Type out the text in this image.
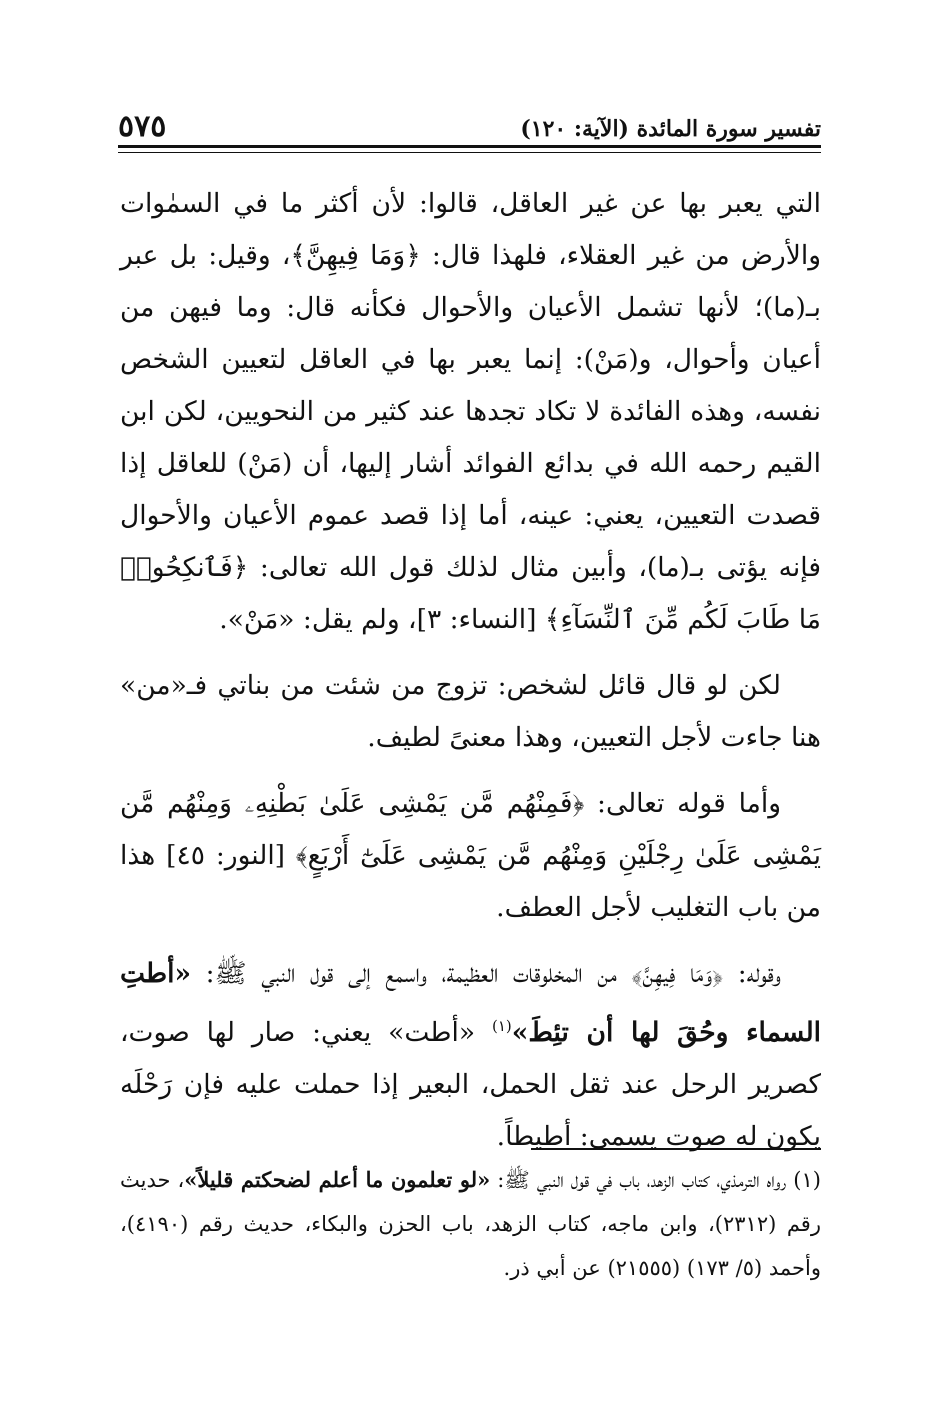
تفسير سورة المائدة (الآية: ١٢٠)
٥٧٥

التي يعبر بها عن غير العاقل، قالوا: لأن أكثر ما في السمٰوات والأرض من غير العقلاء، فلهذا قال: ﴿وَمَا فِيهِنَّ﴾، وقيل: بل عبر بـ(ما)؛ لأنها تشمل الأعيان والأحوال فكأنه قال: وما فيهن من أعيان وأحوال، و(مَنْ): إنما يعبر بها في العاقل لتعيين الشخص نفسه، وهذه الفائدة لا تكاد تجدها عند كثير من النحويين، لكن ابن القيم رحمه الله في بدائع الفوائد أشار إليها، أن (مَنْ) للعاقل إذا قصدت التعيين، يعني: عينه، أما إذا قصد عموم الأعيان والأحوال فإنه يؤتى بـ(ما)، وأبين مثال لذلك قول الله تعالى: ﴿فَٱنكِحُوا۟ مَا طَابَ لَكُم مِّنَ ٱلنِّسَآءِ﴾ [النساء: ٣]، ولم يقل: «مَنْ».

لكن لو قال قائل لشخص: تزوج من شئت من بناتي فـ«من» هنا جاءت لأجل التعيين، وهذا معنىً لطيف.

وأما قوله تعالى: ﴿فَمِنْهُم مَّن يَمْشِى عَلَىٰ بَطْنِهِۦ وَمِنْهُم مَّن يَمْشِى عَلَىٰ رِجْلَيْنِ وَمِنْهُم مَّن يَمْشِى عَلَىٰٓ أَرْبَعٍ﴾ [النور: ٤٥] هذا من باب التغليب لأجل العطف.

وقوله: ﴿وَمَا فِيهِنَّ﴾ من المخلوقات العظيمة، واسمع إلى قول النبي ﷺ: «أطتِ السماء وحُقَ لها أن تئِطَ»$^{(١)}$ «أطت» يعني: صار لها صوت، كصرير الرحل عند ثقل الحمل، البعير إذا حملت عليه فإن رَحْلَه يكون له صوت يسمى: أطيطاً.

(١) رواه الترمذي، كتاب الزهد، باب في قول النبي ﷺ: «لو تعلمون ما أعلم لضحكتم قليلاً»، حديث رقم (٢٣١٢)، وابن ماجه، كتاب الزهد، باب الحزن والبكاء، حديث رقم (٤١٩٠)، وأحمد (٥/ ١٧٣) (٢١٥٥٥) عن أبي ذر.
